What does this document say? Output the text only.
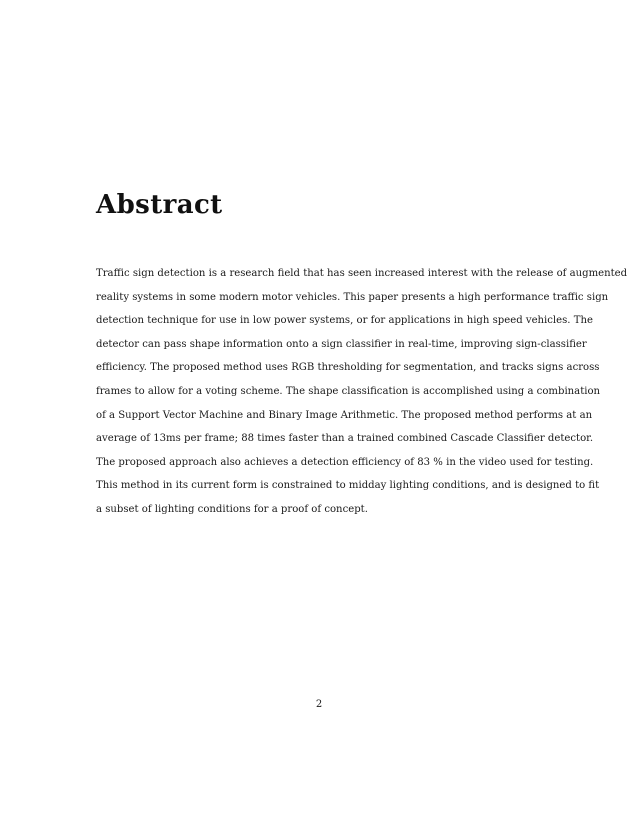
Abstract
Traffic sign detection is a research field that has seen increased interest with the release of augmented
reality systems in some modern motor vehicles. This paper presents a high performance traffic sign
detection technique for use in low power systems, or for applications in high speed vehicles. The
detector can pass shape information onto a sign classifier in real-time, improving sign-classifier
efficiency. The proposed method uses RGB thresholding for segmentation, and tracks signs across
frames to allow for a voting scheme. The shape classification is accomplished using a combination
of a Support Vector Machine and Binary Image Arithmetic. The proposed method performs at an
average of 13ms per frame; 88 times faster than a trained combined Cascade Classifier detector.
The proposed approach also achieves a detection efficiency of 83 % in the video used for testing.
This method in its current form is constrained to midday lighting conditions, and is designed to fit
a subset of lighting conditions for a proof of concept.

2
